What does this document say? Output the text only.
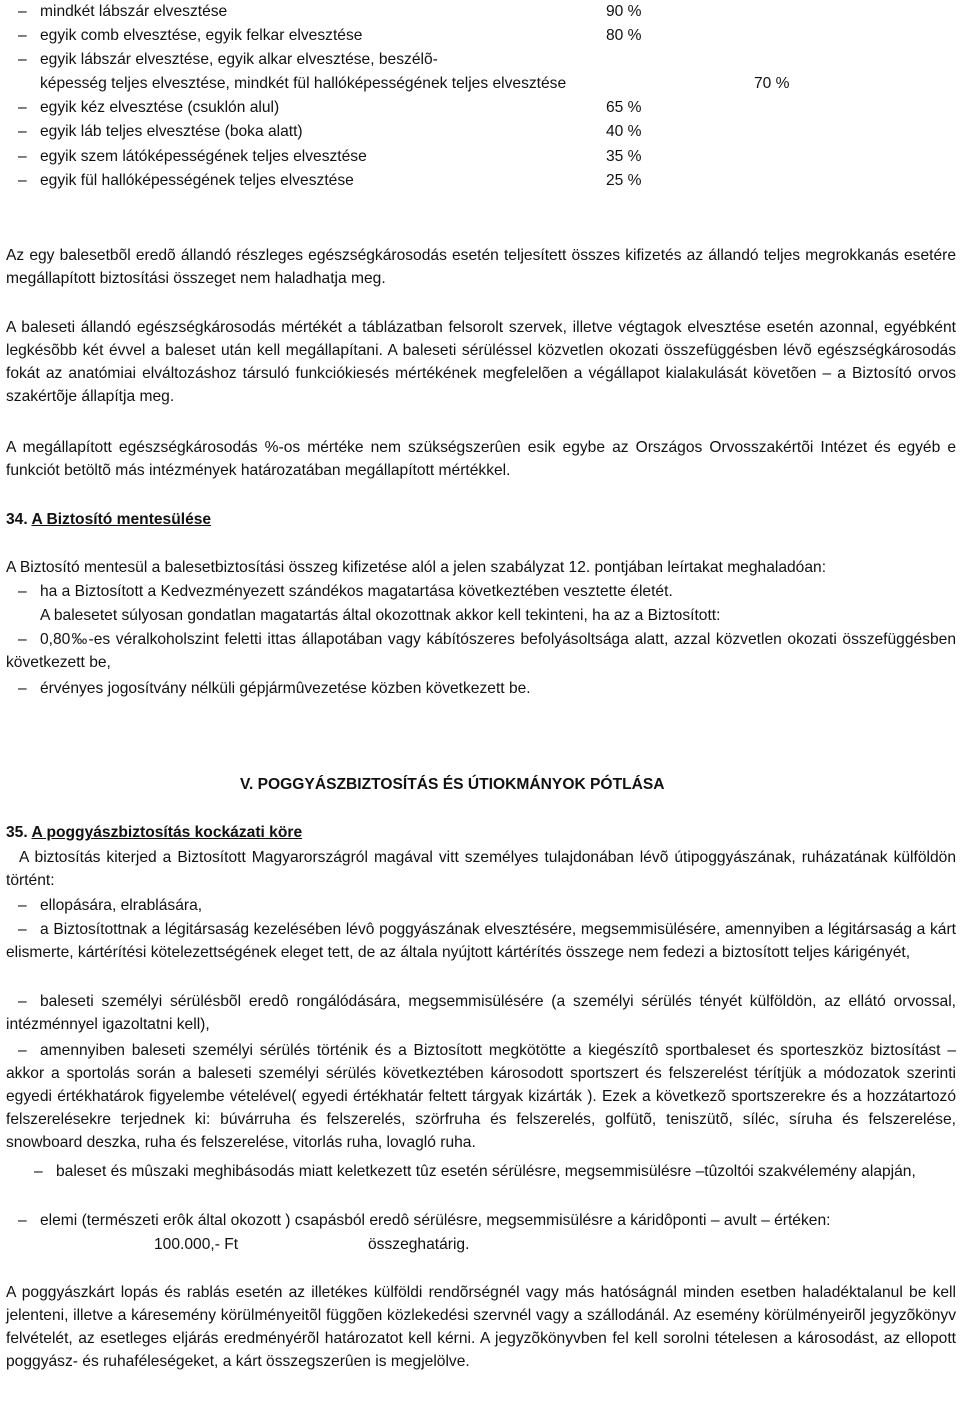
– mindkét lábszár elvesztése	90 %
– egyik comb elvesztése, egyik felkar elvesztése	80 %
– egyik lábszár elvesztése, egyik alkar elvesztése, beszélõ-
képesség teljes elvesztése, mindkét fül hallóképességének teljes elvesztése	70 %
– egyik kéz elvesztése (csuklón alul)	65 %
– egyik láb teljes elvesztése (boka alatt)	40 %
– egyik szem látóképességének teljes elvesztése	35 %
– egyik fül hallóképességének teljes elvesztése	25 %

Az egy balesetbõl eredõ állandó részleges egészségkárosodás esetén teljesített összes kifizetés az állandó teljes megrokkanás esetére megállapított biztosítási összeget nem haladhatja meg.

A baleseti állandó egészségkárosodás mértékét a táblázatban felsorolt szervek, illetve végtagok elvesztése esetén azonnal, egyébként legkésõbb két évvel a baleset után kell megállapítani. A baleseti sérüléssel közvetlen okozati összefüggésben lévõ egészségkárosodás fokát az anatómiai elváltozáshoz társuló funkciókiesés mértékének megfelelõen a végállapot kialakulását követõen – a Biztosító orvos szakértõje állapítja meg.

A megállapított egészségkárosodás %-os mértéke nem szükségszerûen esik egybe az Országos Orvosszakértõi Intézet és egyéb e funkciót betöltõ más intézmények határozatában megállapított mértékkel.

34. A Biztosító mentesülése

A Biztosító mentesül a balesetbiztosítási összeg kifizetése alól a jelen szabályzat 12. pontjában leírtakat meghaladóan:

– ha a Biztosított a Kedvezményezett szándékos magatartása következtében vesztette életét.

A balesetet súlyosan gondatlan magatartás által okozottnak akkor kell tekinteni, ha az a Biztosított:

– 0,80‰-es véralkoholszint feletti ittas állapotában vagy kábítószeres befolyásoltsága alatt, azzal közvetlen okozati összefüggésben következett be,
– érvényes jogosítvány nélküli gépjármûvezetése közben következett be.
V. POGGYÁSZBIZTOSÍTÁS ÉS ÚTIOKMÁNYOK PÓTLÁSA
35. A poggyászbiztosítás kockázati köre
A biztosítás kiterjed a Biztosított Magyarországról magával vitt személyes tulajdonában lévõ útipoggyászának, ruházatának külföldön történt:
– ellopására, elrablására,
– a Biztosítottnak a légitársaság kezelésében lévô poggyászának elvesztésére, megsemmisülésére, amennyiben a légitársaság a kárt elismerte, kártérítési kötelezettségének eleget tett, de az általa nyújtott kártérítés összege nem fedezi a biztosított teljes kárigényét,
– baleseti személyi sérülésbõl eredô rongálódására, megsemmisülésére (a személyi sérülés tényét külföldön, az ellátó orvossal, intézménnyel igazoltatni kell),
– amennyiben baleseti személyi sérülés történik és a Biztosított megkötötte a kiegészítô sportbaleset és sporteszköz biztosítást – akkor a sportolás során a baleseti személyi sérülés következtében károsodott sportszert és felszerelést térítjük a módozatok szerinti egyedi értékhatárok figyelembe vételével( egyedi értékhatár feltett tárgyak kizárták ). Ezek a következõ sportszerekre és a hozzátartozó felszerelésekre terjednek ki: búvárruha és felszerelés, szörfruha és felszerelés, golfütõ, teniszütõ, síléc, síruha és felszerelése, snowboard deszka, ruha és felszerelése, vitorlás ruha, lovagló ruha.
– baleset és mûszaki meghibásodás miatt keletkezett tûz esetén sérülésre, megsemmisülésre –tûzoltói szakvélemény alapján,
– elemi (természeti erôk által okozott ) csapásból eredô sérülésre, megsemmisülésre a káridôponti – avult – értéken:
100.000,- Ft	összeghatárig.

A poggyászkárt lopás és rablás esetén az illetékes külföldi rendõrségnél vagy más hatóságnál minden esetben haladéktalanul be kell jelenteni, illetve a káresemény körülményeitõl függõen közlekedési szervnél vagy a szállodánál. Az esemény körülményeirõl jegyzõkönyv felvételét, az esetleges eljárás eredményérõl határozatot kell kérni. A jegyzõkönyvben fel kell sorolni tételesen a károsodást, az ellopott poggyász- és ruhaféleségeket, a kárt összegszerûen is megjelölve.
